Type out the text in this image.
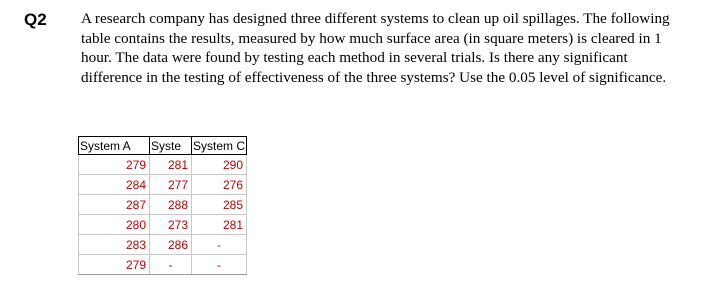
Q2 A research company has designed three different systems to clean up oil spillages. The following
table contains the results, measured by how much surface area (in square meters) is cleared in 1
hour. The data were found by testing each method in several trials. Is there any significant
difference in the testing of effectiveness of the three systems? Use the 0.05 level of significance.
System A	Syste	System C
279	281	290
284	277	276
287	288	285
280	273	281
283	286	-
279	-	-
